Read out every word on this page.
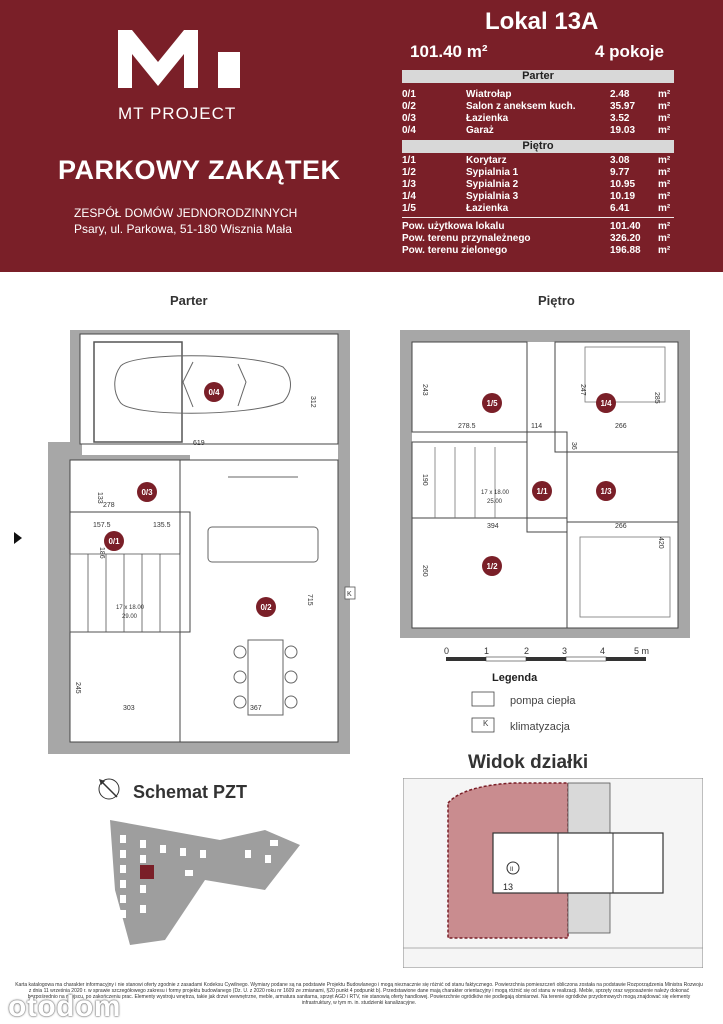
MT PROJECT
PARKOWY ZAKĄTEK
ZESPÓŁ DOMÓW JEDNORODZINNYCH
Psary, ul. Parkowa, 51-180 Wisznia Mała
Lokal 13A
101.40 m²	4 pokoje
Parter
0/1	Wiatrołap	2.48	m²
0/2	Salon z aneksem kuch.	35.97 m²
0/3	Łazienka	3.52	m²
0/4	Garaż	19.03 m²
Piętro
1/1	Korytarz	3.08	m²
1/2	Sypialnia 1	9.77	m²
1/3	Sypialnia 2	10.95 m²
1/4	Sypialnia 3	10.19 m²
1/5	Łazienka	6.41	m²
Pow. użytkowa lokalu	101.40 m²
Pow. terenu przynależnego	326.20 m²
Pow. terenu zielonego	196.88 m²
Parter	Piętro
619
312
0/4
278
133	0/3
157.5	135.5
186
0/1
17 x 18.00
29.00
0/2
715
245
303	367
K
1/5	1/4
1/1	1/3
1/2
243
278.5	114
247
285
266
36
190
17 x 18.00
25.00
394	266
420
260
0	1	2	3	4	5 m
Legenda
K
pompa ciepła
klimatyzacja
Schemat PZT
Widok działki
13
II
Karta katalogowa ma charakter informacyjny i nie stanowi oferty zgodnie z zasadami Kodeksu Cywilnego. Wymiary podane są na podstawie Projektu Budowlanego i mogą nieznacznie się różnić od stanu faktycznego. Powierzchnia pomieszczeń obliczona została na podstawie Rozporządzenia Ministra Rozwoju z dnia 11 września 2020 r. w sprawie szczegółowego zakresu i formy projektu budowlanego (Dz. U. z 2020 roku nr 1609 ze zmianami, §20 punkt 4 podpunkt b). Przedstawione dane mają charakter orientacyjny i mogą różnić się od stanu w realizacji. Meble, sprzęty oraz wyposażenie należy dokonać bezpośrednio na miejscu, po zakończeniu prac. Elementy wystroju wnętrza, takie jak drzwi wewnętrzne, meble, armatura sanitarna, sprzęt AGD i RTV, nie stanowią oferty handlowej. Powierzchnie ogródków nie podlegają obmiarowi. Na terenie ogródków przydomowych mogą znajdować się elementy infrastruktury, w tym m. in. studzienki kanalizacyjne.
otodom
